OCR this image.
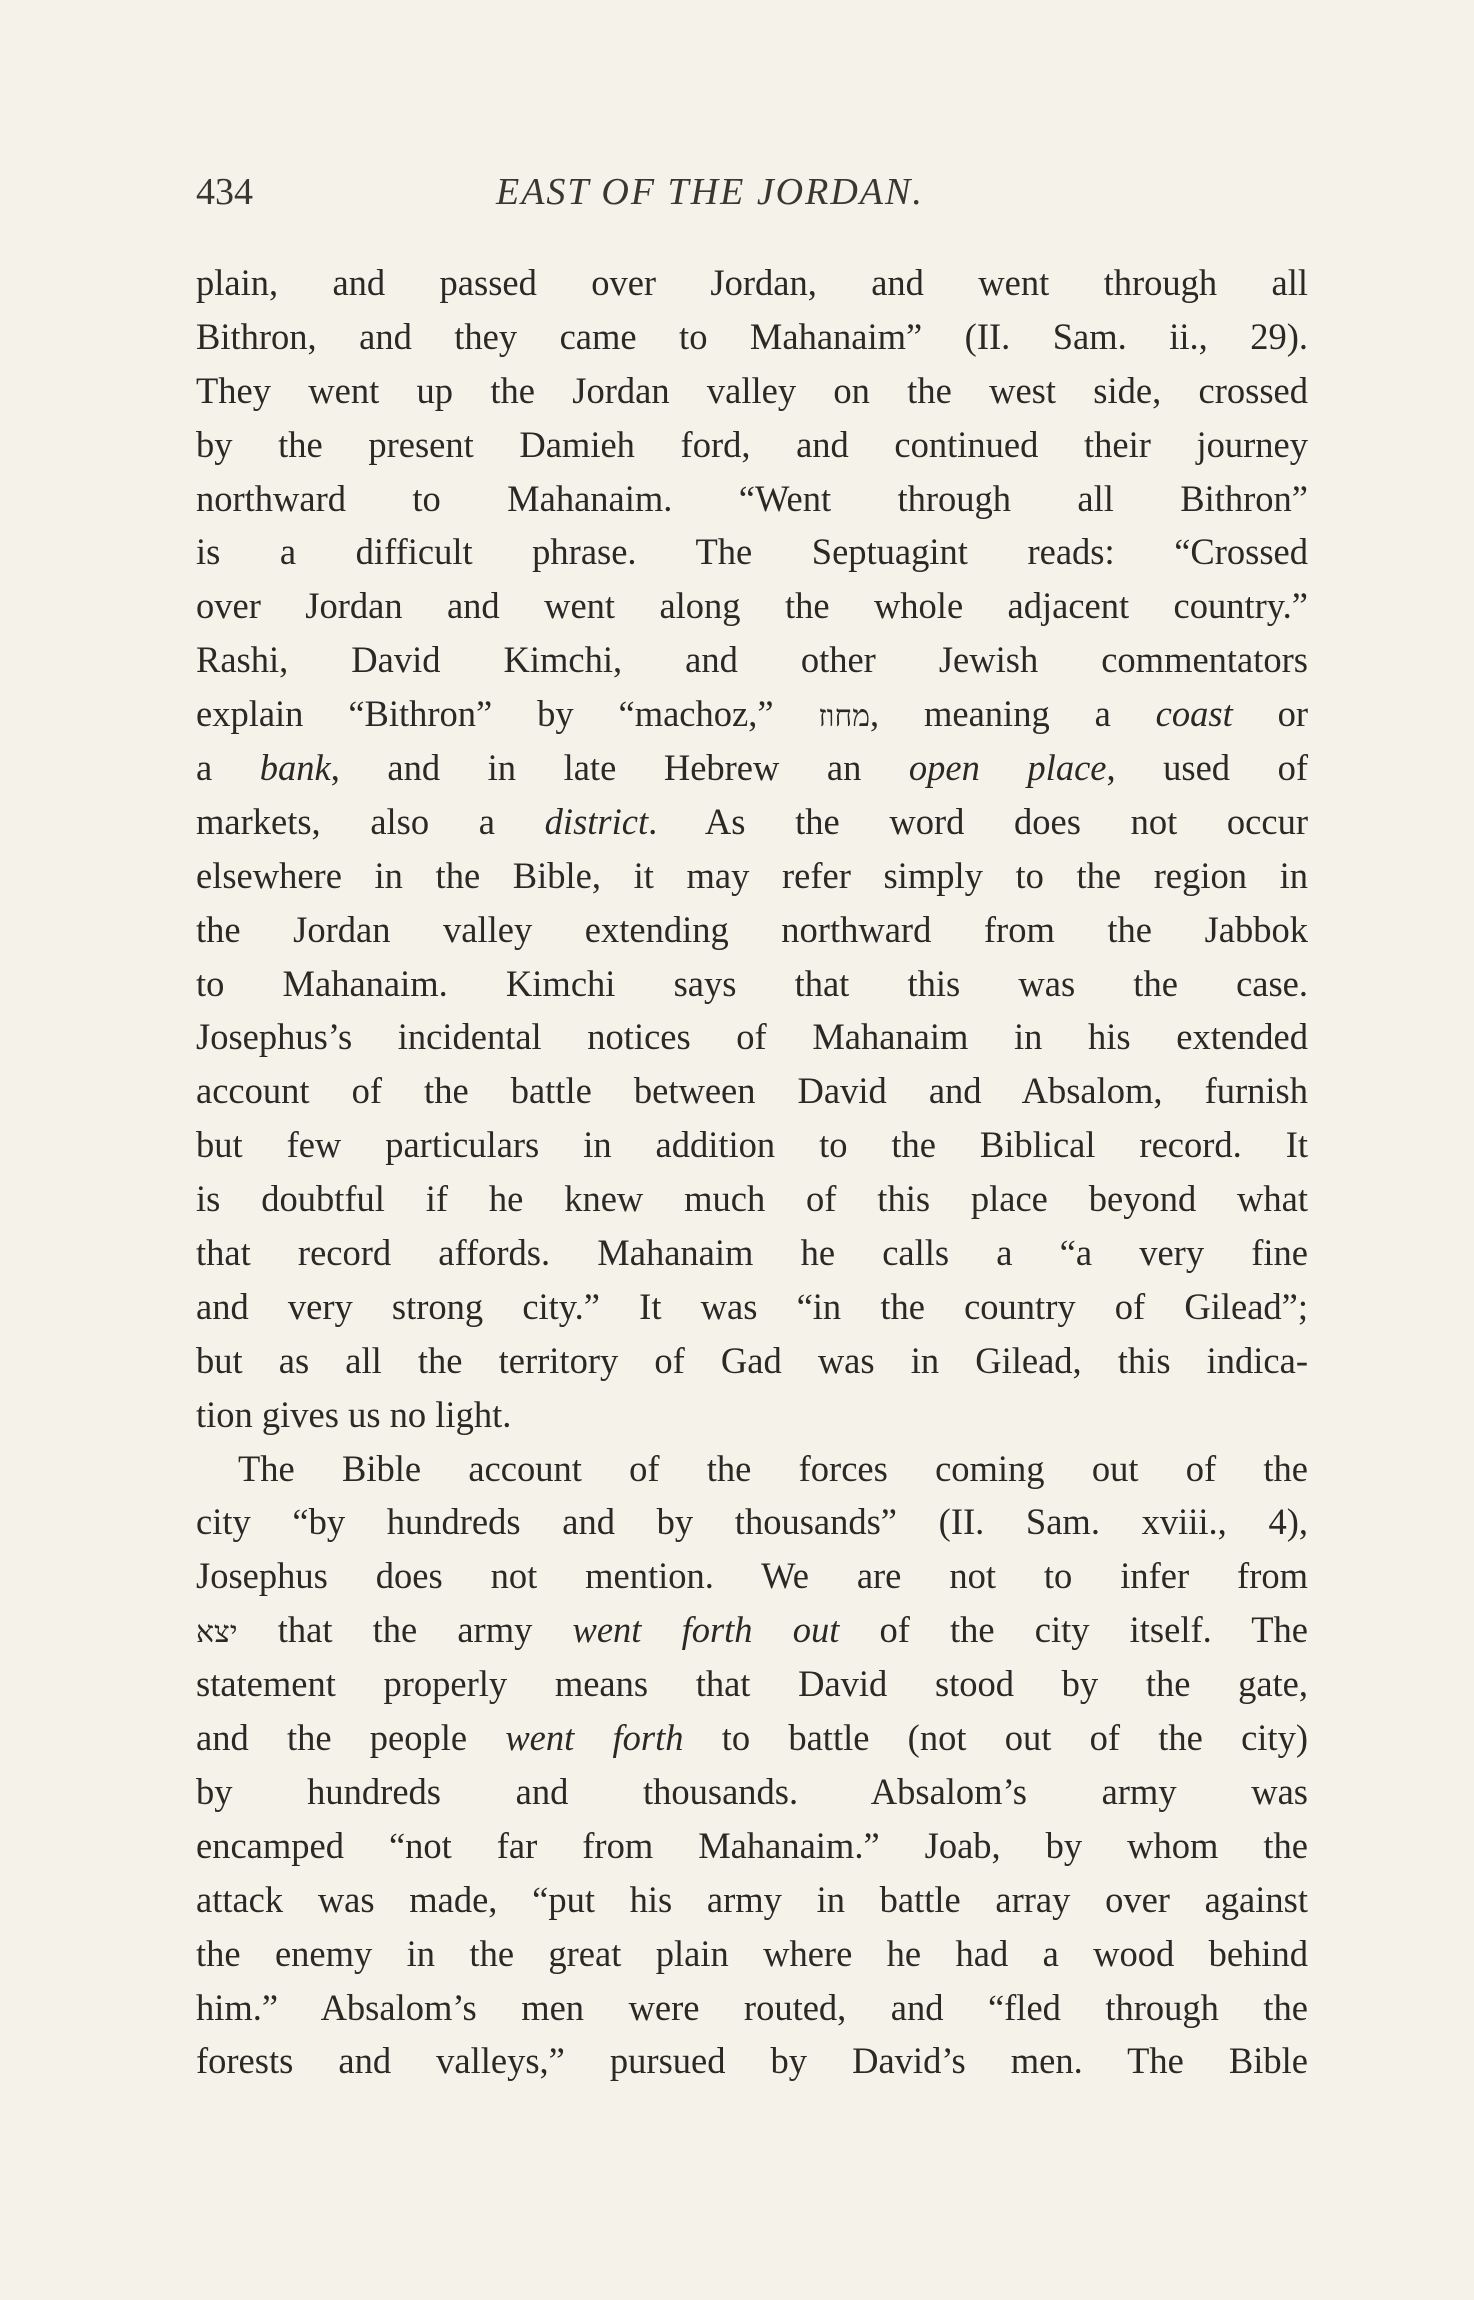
434	EAST OF THE JORDAN.
plain, and passed over Jordan, and went through all
Bithron, and they came to Mahanaim” (II. Sam. ii., 29).
They went up the Jordan valley on the west side, crossed
by the present Damieh ford, and continued their journey
northward to Mahanaim. “Went through all Bithron”
is a difficult phrase. The Septuagint reads: “Crossed
over Jordan and went along the whole adjacent country.”
Rashi, David Kimchi, and other Jewish commentators
explain “Bithron” by “machoz,” מחוז, meaning a coast or
a bank, and in late Hebrew an open place, used of
markets, also a district. As the word does not occur
elsewhere in the Bible, it may refer simply to the region in
the Jordan valley extending northward from the Jabbok
to Mahanaim. Kimchi says that this was the case.
Josephus’s incidental notices of Mahanaim in his extended
account of the battle between David and Absalom, furnish
but few particulars in addition to the Biblical record. It
is doubtful if he knew much of this place beyond what
that record affords. Mahanaim he calls a “a very fine
and very strong city.” It was “in the country of Gilead”;
but as all the territory of Gad was in Gilead, this indica-
tion gives us no light.
The Bible account of the forces coming out of the
city “by hundreds and by thousands” (II. Sam. xviii., 4),
Josephus does not mention. We are not to infer from
יצא that the army went forth out of the city itself. The
statement properly means that David stood by the gate,
and the people went forth to battle (not out of the city)
by hundreds and thousands. Absalom’s army was
encamped “not far from Mahanaim.” Joab, by whom the
attack was made, “put his army in battle array over against
the enemy in the great plain where he had a wood behind
him.” Absalom’s men were routed, and “fled through the
forests and valleys,” pursued by David’s men. The Bible
